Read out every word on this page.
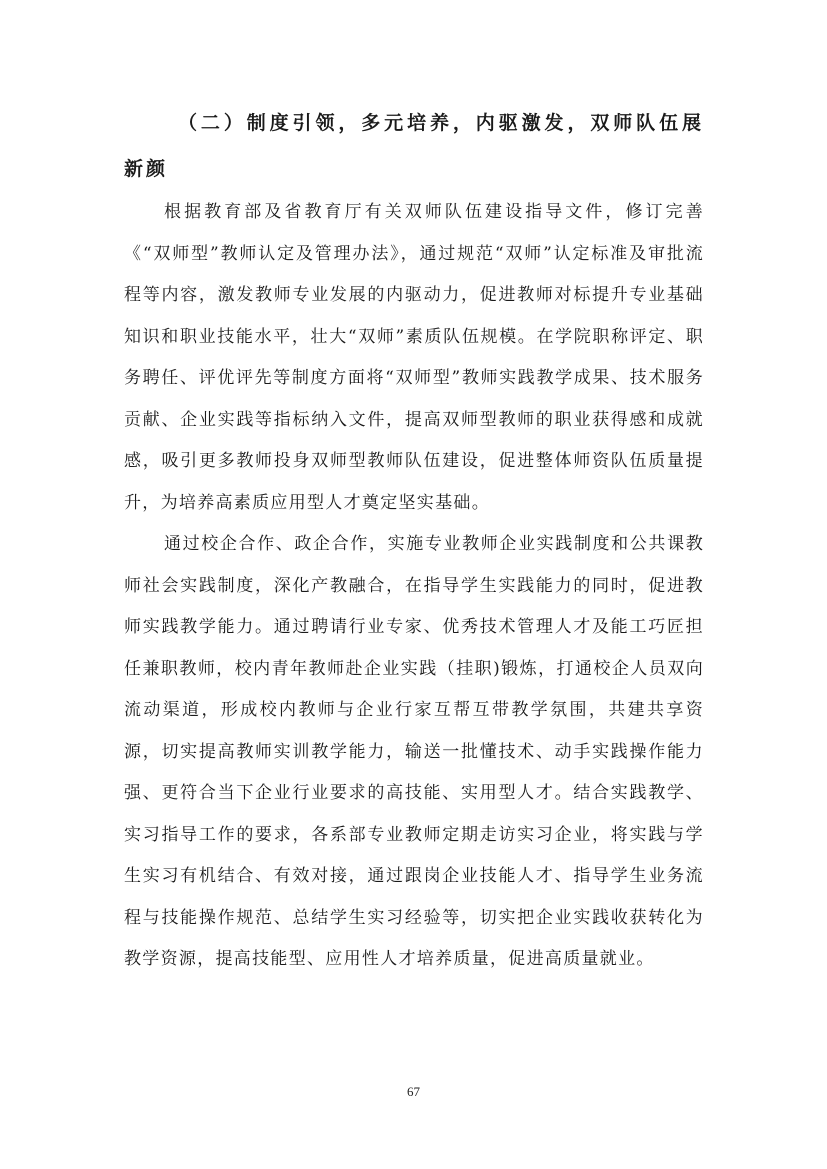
（二）制度引领，多元培养，内驱激发，双师队伍展新颜

根据教育部及省教育厅有关双师队伍建设指导文件，修订完善《“双师型”教师认定及管理办法》，通过规范“双师”认定标准及审批流程等内容，激发教师专业发展的内驱动力，促进教师对标提升专业基础知识和职业技能水平，壮大“双师”素质队伍规模。在学院职称评定、职务聘任、评优评先等制度方面将“双师型”教师实践教学成果、技术服务贡献、企业实践等指标纳入文件，提高双师型教师的职业获得感和成就感，吸引更多教师投身双师型教师队伍建设，促进整体师资队伍质量提升，为培养高素质应用型人才奠定坚实基础。

通过校企合作、政企合作，实施专业教师企业实践制度和公共课教师社会实践制度，深化产教融合，在指导学生实践能力的同时，促进教师实践教学能力。通过聘请行业专家、优秀技术管理人才及能工巧匠担任兼职教师，校内青年教师赴企业实践（挂职)锻炼，打通校企人员双向流动渠道，形成校内教师与企业行家互帮互带教学氛围，共建共享资源，切实提高教师实训教学能力，输送一批懂技术、动手实践操作能力强、更符合当下企业行业要求的高技能、实用型人才。结合实践教学、实习指导工作的要求，各系部专业教师定期走访实习企业，将实践与学生实习有机结合、有效对接，通过跟岗企业技能人才、指导学生业务流程与技能操作规范、总结学生实习经验等，切实把企业实践收获转化为教学资源，提高技能型、应用性人才培养质量，促进高质量就业。

67
